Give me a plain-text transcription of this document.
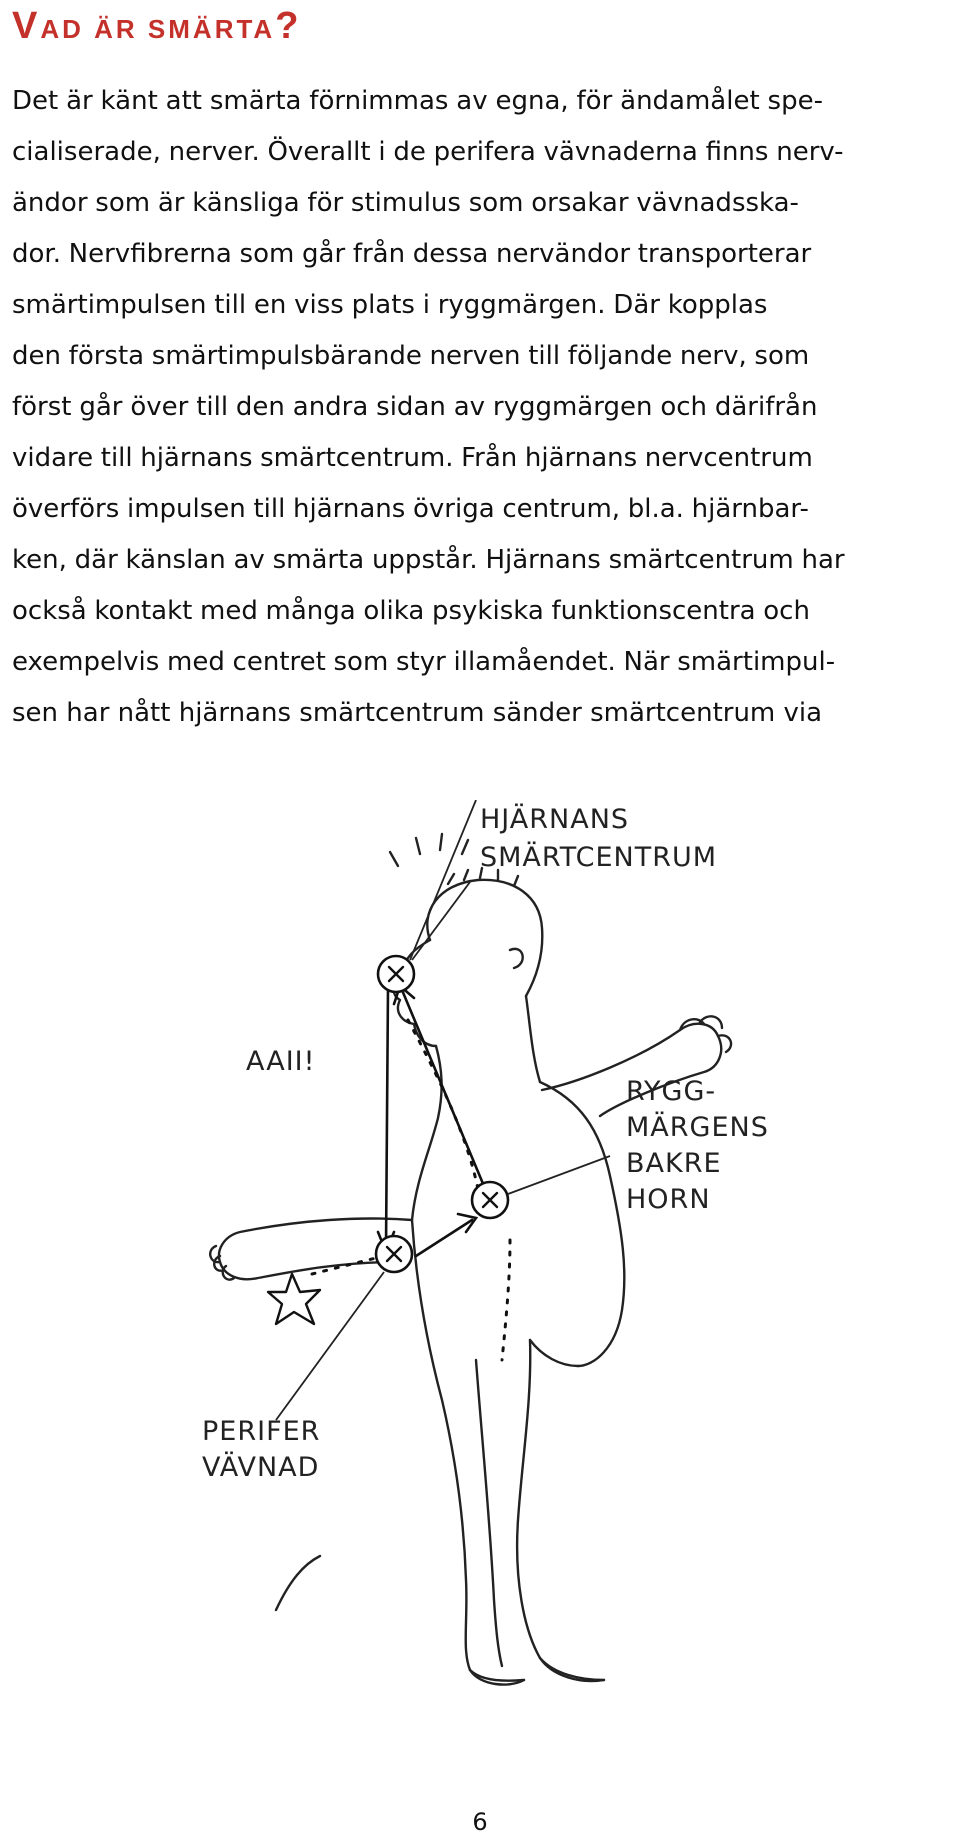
VAD ÄR SMÄRTA?
Det är känt att smärta förnimmas av egna, för ändamålet spe-
cialiserade, nerver. Överallt i de perifera vävnaderna finns nerv-
ändor som är känsliga för stimulus som orsakar vävnadsska-
dor. Nervfibrerna som går från dessa nervändor transporterar
smärtimpulsen till en viss plats i ryggmärgen. Där kopplas
den första smärtimpulsbärande nerven till följande nerv, som
först går över till den andra sidan av ryggmärgen och därifrån
vidare till hjärnans smärtcentrum. Från hjärnans nervcentrum
överförs impulsen till hjärnans övriga centrum, bl.a. hjärnbar-
ken, där känslan av smärta uppstår. Hjärnans smärtcentrum har
också kontakt med många olika psykiska funktionscentra och
exempelvis med centret som styr illamåendet. När smärtimpul-
sen har nått hjärnans smärtcentrum sänder smärtcentrum via
HJÄRNANS SMÄRTCENTRUM
RYGG- MÄRGENS BAKRE HORN
PERIFER VÄVNAD
AAII!
6
